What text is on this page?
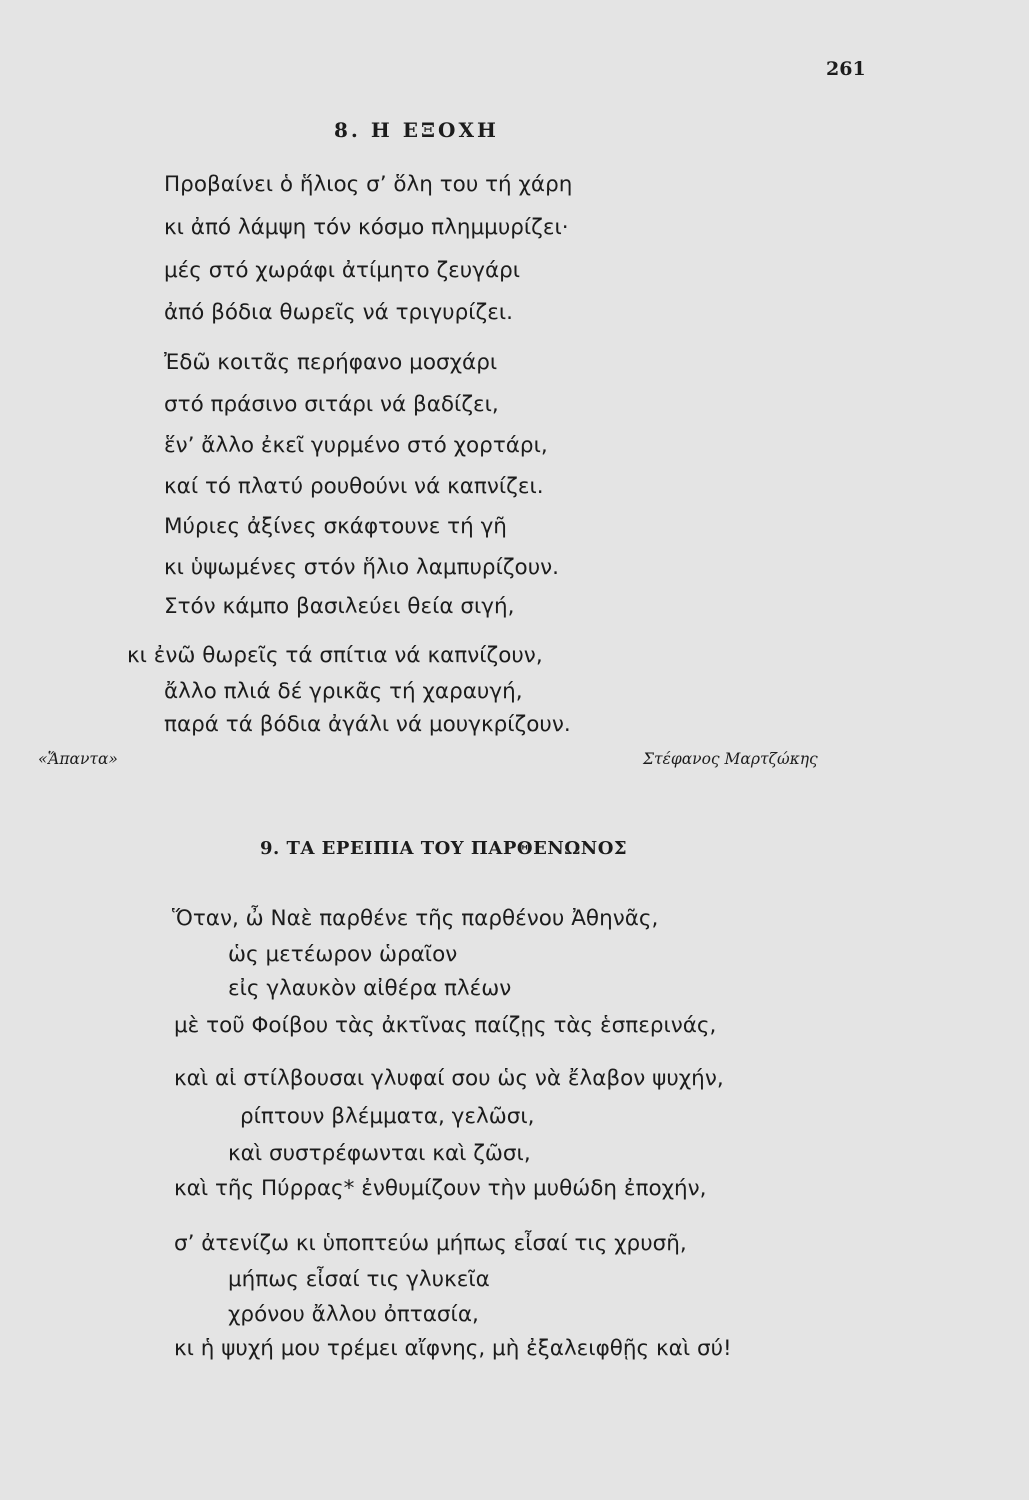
261
8. Η ΕΞΟΧΗ
Προβαίνει ὁ ἥλιος σ’ ὅλη του τή χάρη
κι ἀπό λάμψη τόν κόσμο πλημμυρίζει·
μές στό χωράφι ἀτίμητο ζευγάρι
ἀπό βόδια θωρεῖς νά τριγυρίζει.
Ἐδῶ κοιτᾶς περήφανο μοσχάρι
στό πράσινο σιτάρι νά βαδίζει,
ἕν’ ἄλλο ἐκεῖ γυρμένο στό χορτάρι,
καί τό πλατύ ρουθούνι νά καπνίζει.
Μύριες ἀξίνες σκάφτουνε τή γῆ
κι ὑψωμένες στόν ἥλιο λαμπυρίζουν.
Στόν κάμπο βασιλεύει θεία σιγή,
κι ἐνῶ θωρεῖς τά σπίτια νά καπνίζουν,
ἄλλο πλιά δέ γρικᾶς τή χαραυγή,
παρά τά βόδια ἀγάλι νά μουγκρίζουν.
«Ἅπαντα»	Στέφανος Μαρτζώκης
9. ΤΑ ΕΡΕΙΠΙΑ ΤΟΥ ΠΑΡΘΕΝΩΝΟΣ
Ὅταν, ὦ Ναὲ παρθένε τῆς παρθένου Ἀθηνᾶς,
ὡς μετέωρον ὡραῖον
εἰς γλαυκὸν αἰθέρα πλέων
μὲ τοῦ Φοίβου τὰς ἀκτῖνας παίζῃς τὰς ἑσπερινάς,
καὶ αἱ στίλβουσαι γλυφαί σου ὡς νὰ ἔλαβον ψυχήν,
ρίπτουν βλέμματα, γελῶσι,
καὶ συστρέφωνται καὶ ζῶσι,
καὶ τῆς Πύρρας* ἐνθυμίζουν τὴν μυθώδη ἐποχήν,
σ’ ἀτενίζω κι ὑποπτεύω μήπως εἶσαί τις χρυσῆ,
μήπως εἶσαί τις γλυκεῖα
χρόνου ἄλλου ὀπτασία,
κι ἡ ψυχή μου τρέμει αἴφνης, μὴ ἐξαλειφθῇς καὶ σύ!
